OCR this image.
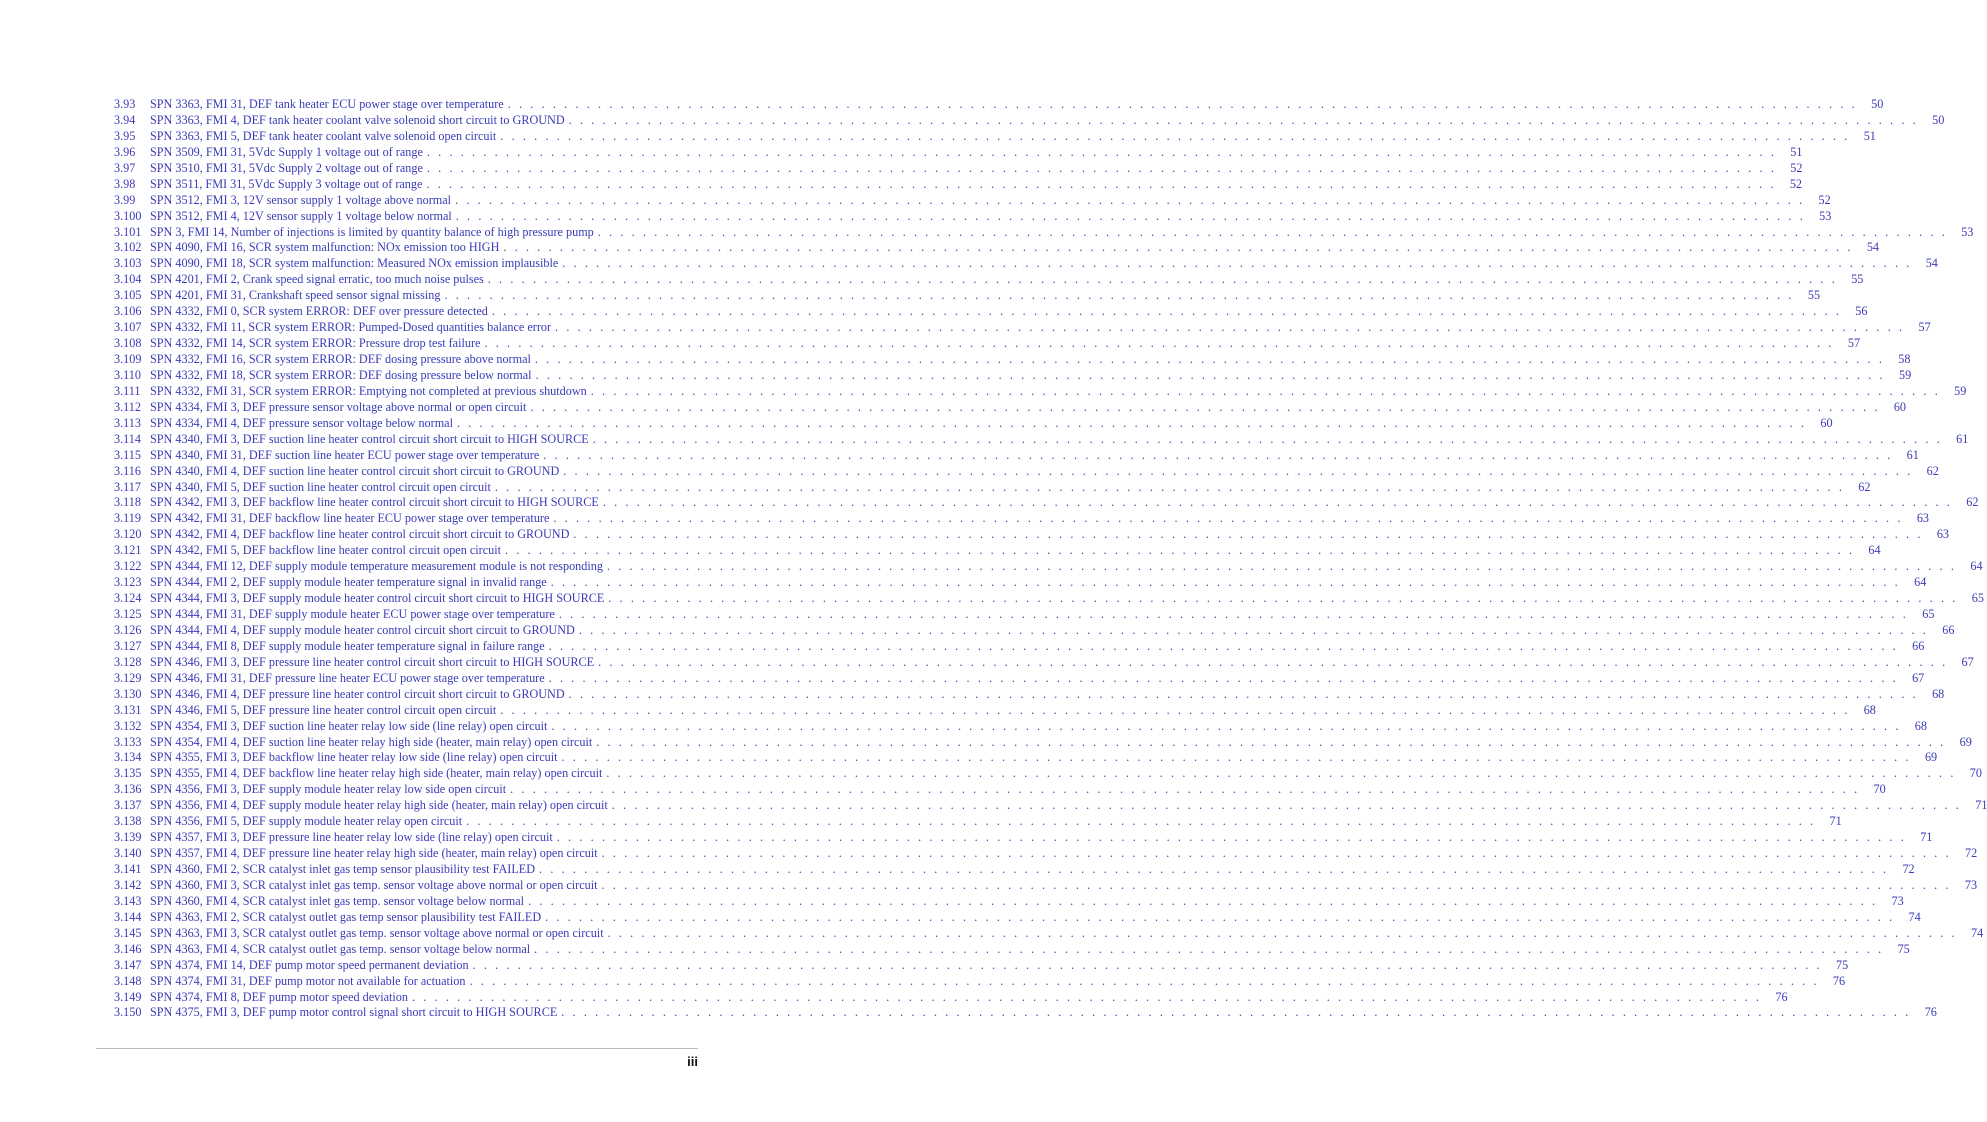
3.93	SPN 3363, FMI 31, DEF tank heater ECU power stage over temperature . . . . . . . . . . . . . . . . . . . . . . . . . . . . . . . . . . . . . . . . . . . . . . . . . . . . . . . . . . . . . . . . . . . . . . . . . . . . . . . . . . . . . . . . . . . . . . . . . . . . . . . . . . . . . . . . . . . . . . . .	50
3.94	SPN 3363, FMI 4, DEF tank heater coolant valve solenoid short circuit to GROUND . . . . . . . . . . . . . . . . . . . . . . . . . . . . . . . . . . . . . . . . . . . . . . . . . . . . . . . . . . . . . . . . . . . . . . . . . . . . . . . . . . . . . . . . . . . . . . . . . . . . . . . . . . . . . . . . . . . . . . . .	50
3.95	SPN 3363, FMI 5, DEF tank heater coolant valve solenoid open circuit . . . . . . . . . . . . . . . . . . . . . . . . . . . . . . . . . . . . . . . . . . . . . . . . . . . . . . . . . . . . . . . . . . . . . . . . . . . . . . . . . . . . . . . . . . . . . . . . . . . . . . . . . . . . . . . . . . . . . . . .	51
3.96	SPN 3509, FMI 31, 5Vdc Supply 1 voltage out of range . . . . . . . . . . . . . . . . . . . . . . . . . . . . . . . . . . . . . . . . . . . . . . . . . . . . . . . . . . . . . . . . . . . . . . . . . . . . . . . . . . . . . . . . . . . . . . . . . . . . . . . . . . . . . . . . . . . . . . . .	51
3.97	SPN 3510, FMI 31, 5Vdc Supply 2 voltage out of range . . . . . . . . . . . . . . . . . . . . . . . . . . . . . . . . . . . . . . . . . . . . . . . . . . . . . . . . . . . . . . . . . . . . . . . . . . . . . . . . . . . . . . . . . . . . . . . . . . . . . . . . . . . . . . . . . . . . . . . .	52
3.98	SPN 3511, FMI 31, 5Vdc Supply 3 voltage out of range . . . . . . . . . . . . . . . . . . . . . . . . . . . . . . . . . . . . . . . . . . . . . . . . . . . . . . . . . . . . . . . . . . . . . . . . . . . . . . . . . . . . . . . . . . . . . . . . . . . . . . . . . . . . . . . . . . . . . . . .	52
3.99	SPN 3512, FMI 3, 12V sensor supply 1 voltage above normal . . . . . . . . . . . . . . . . . . . . . . . . . . . . . . . . . . . . . . . . . . . . . . . . . . . . . . . . . . . . . . . . . . . . . . . . . . . . . . . . . . . . . . . . . . . . . . . . . . . . . . . . . . . . . . . . . . . . . . . .	52
3.100 SPN 3512, FMI 4, 12V sensor supply 1 voltage below normal . . . . . . . . . . . . . . . . . . . . . . . . . . . . . . . . . . . . . . . . . . . . . . . . . . . . . . . . . . . . . . . . . . . . . . . . . . . . . . . . . . . . . . . . . . . . . . . . . . . . . . . . . . . . . . . . . . . . . . . .	53
3.101 SPN 3, FMI 14, Number of injections is limited by quantity balance of high pressure pump . . . . . . . . . . . . . . . . . . . . . . . . . . . . . . . . . . . . . . . . . . . . . . . . . . . . . . . . . . . . . . . . . . . . . . . . . . . . . . . . . . . . . . . . . . . . . . . . . . . . . . . . . . . . . . . . . . . . . . . .	53
3.102 SPN 4090, FMI 16, SCR system malfunction: NOx emission too HIGH . . . . . . . . . . . . . . . . . . . . . . . . . . . . . . . . . . . . . . . . . . . . . . . . . . . . . . . . . . . . . . . . . . . . . . . . . . . . . . . . . . . . . . . . . . . . . . . . . . . . . . . . . . . . . . . . . . . . . . . .	54
3.103 SPN 4090, FMI 18, SCR system malfunction: Measured NOx emission implausible . . . . . . . . . . . . . . . . . . . . . . . . . . . . . . . . . . . . . . . . . . . . . . . . . . . . . . . . . . . . . . . . . . . . . . . . . . . . . . . . . . . . . . . . . . . . . . . . . . . . . . . . . . . . . . . . . . . . . . . .	54
3.104 SPN 4201, FMI 2, Crank speed signal erratic, too much noise pulses . . . . . . . . . . . . . . . . . . . . . . . . . . . . . . . . . . . . . . . . . . . . . . . . . . . . . . . . . . . . . . . . . . . . . . . . . . . . . . . . . . . . . . . . . . . . . . . . . . . . . . . . . . . . . . . . . . . . . . . .	55
3.105 SPN 4201, FMI 31, Crankshaft speed sensor signal missing . . . . . . . . . . . . . . . . . . . . . . . . . . . . . . . . . . . . . . . . . . . . . . . . . . . . . . . . . . . . . . . . . . . . . . . . . . . . . . . . . . . . . . . . . . . . . . . . . . . . . . . . . . . . . . . . . . . . . . . .	55
3.106 SPN 4332, FMI 0, SCR system ERROR: DEF over pressure detected . . . . . . . . . . . . . . . . . . . . . . . . . . . . . . . . . . . . . . . . . . . . . . . . . . . . . . . . . . . . . . . . . . . . . . . . . . . . . . . . . . . . . . . . . . . . . . . . . . . . . . . . . . . . . . . . . . . . . . . .	56
3.107 SPN 4332, FMI 11, SCR system ERROR: Pumped-Dosed quantities balance error . . . . . . . . . . . . . . . . . . . . . . . . . . . . . . . . . . . . . . . . . . . . . . . . . . . . . . . . . . . . . . . . . . . . . . . . . . . . . . . . . . . . . . . . . . . . . . . . . . . . . . . . . . . . . . . . . . . . . . . .	57
3.108 SPN 4332, FMI 14, SCR system ERROR: Pressure drop test failure . . . . . . . . . . . . . . . . . . . . . . . . . . . . . . . . . . . . . . . . . . . . . . . . . . . . . . . . . . . . . . . . . . . . . . . . . . . . . . . . . . . . . . . . . . . . . . . . . . . . . . . . . . . . . . . . . . . . . . . .	57
3.109 SPN 4332, FMI 16, SCR system ERROR: DEF dosing pressure above normal . . . . . . . . . . . . . . . . . . . . . . . . . . . . . . . . . . . . . . . . . . . . . . . . . . . . . . . . . . . . . . . . . . . . . . . . . . . . . . . . . . . . . . . . . . . . . . . . . . . . . . . . . . . . . . . . . . . . . . . .	58
3.110 SPN 4332, FMI 18, SCR system ERROR: DEF dosing pressure below normal . . . . . . . . . . . . . . . . . . . . . . . . . . . . . . . . . . . . . . . . . . . . . . . . . . . . . . . . . . . . . . . . . . . . . . . . . . . . . . . . . . . . . . . . . . . . . . . . . . . . . . . . . . . . . . . . . . . . . . . .	59
3.111 SPN 4332, FMI 31, SCR system ERROR: Emptying not completed at previous shutdown . . . . . . . . . . . . . . . . . . . . . . . . . . . . . . . . . . . . . . . . . . . . . . . . . . . . . . . . . . . . . . . . . . . . . . . . . . . . . . . . . . . . . . . . . . . . . . . . . . . . . . . . . . . . . . . . . . . . . . . .	59
3.112 SPN 4334, FMI 3, DEF pressure sensor voltage above normal or open circuit . . . . . . . . . . . . . . . . . . . . . . . . . . . . . . . . . . . . . . . . . . . . . . . . . . . . . . . . . . . . . . . . . . . . . . . . . . . . . . . . . . . . . . . . . . . . . . . . . . . . . . . . . . . . . . . . . . . . . . . .	60
3.113 SPN 4334, FMI 4, DEF pressure sensor voltage below normal . . . . . . . . . . . . . . . . . . . . . . . . . . . . . . . . . . . . . . . . . . . . . . . . . . . . . . . . . . . . . . . . . . . . . . . . . . . . . . . . . . . . . . . . . . . . . . . . . . . . . . . . . . . . . . . . . . . . . . . .	60
3.114 SPN 4340, FMI 3, DEF suction line heater control circuit short circuit to HIGH SOURCE . . . . . . . . . . . . . . . . . . . . . . . . . . . . . . . . . . . . . . . . . . . . . . . . . . . . . . . . . . . . . . . . . . . . . . . . . . . . . . . . . . . . . . . . . . . . . . . . . . . . . . . . . . . . . . . . . . . . . . . .	61
3.115 SPN 4340, FMI 31, DEF suction line heater ECU power stage over temperature . . . . . . . . . . . . . . . . . . . . . . . . . . . . . . . . . . . . . . . . . . . . . . . . . . . . . . . . . . . . . . . . . . . . . . . . . . . . . . . . . . . . . . . . . . . . . . . . . . . . . . . . . . . . . . . . . . . . . . . .	61
3.116 SPN 4340, FMI 4, DEF suction line heater control circuit short circuit to GROUND . . . . . . . . . . . . . . . . . . . . . . . . . . . . . . . . . . . . . . . . . . . . . . . . . . . . . . . . . . . . . . . . . . . . . . . . . . . . . . . . . . . . . . . . . . . . . . . . . . . . . . . . . . . . . . . . . . . . . . . .	62
3.117 SPN 4340, FMI 5, DEF suction line heater control circuit open circuit . . . . . . . . . . . . . . . . . . . . . . . . . . . . . . . . . . . . . . . . . . . . . . . . . . . . . . . . . . . . . . . . . . . . . . . . . . . . . . . . . . . . . . . . . . . . . . . . . . . . . . . . . . . . . . . . . . . . . . . .	62
3.118 SPN 4342, FMI 3, DEF backflow line heater control circuit short circuit to HIGH SOURCE . . . . . . . . . . . . . . . . . . . . . . . . . . . . . . . . . . . . . . . . . . . . . . . . . . . . . . . . . . . . . . . . . . . . . . . . . . . . . . . . . . . . . . . . . . . . . . . . . . . . . . . . . . . . . . . . . . . . . . . .	62
3.119 SPN 4342, FMI 31, DEF backflow line heater ECU power stage over temperature . . . . . . . . . . . . . . . . . . . . . . . . . . . . . . . . . . . . . . . . . . . . . . . . . . . . . . . . . . . . . . . . . . . . . . . . . . . . . . . . . . . . . . . . . . . . . . . . . . . . . . . . . . . . . . . . . . . . . . . .	63
3.120 SPN 4342, FMI 4, DEF backflow line heater control circuit short circuit to GROUND . . . . . . . . . . . . . . . . . . . . . . . . . . . . . . . . . . . . . . . . . . . . . . . . . . . . . . . . . . . . . . . . . . . . . . . . . . . . . . . . . . . . . . . . . . . . . . . . . . . . . . . . . . . . . . . . . . . . . . . .	63
3.121 SPN 4342, FMI 5, DEF backflow line heater control circuit open circuit . . . . . . . . . . . . . . . . . . . . . . . . . . . . . . . . . . . . . . . . . . . . . . . . . . . . . . . . . . . . . . . . . . . . . . . . . . . . . . . . . . . . . . . . . . . . . . . . . . . . . . . . . . . . . . . . . . . . . . . .	64
3.122 SPN 4344, FMI 12, DEF supply module temperature measurement module is not responding . . . . . . . . . . . . . . . . . . . . . . . . . . . . . . . . . . . . . . . . . . . . . . . . . . . . . . . . . . . . . . . . . . . . . . . . . . . . . . . . . . . . . . . . . . . . . . . . . . . . . . . . . . . . . . . . . . . . . . . .	64
3.123 SPN 4344, FMI 2, DEF supply module heater temperature signal in invalid range . . . . . . . . . . . . . . . . . . . . . . . . . . . . . . . . . . . . . . . . . . . . . . . . . . . . . . . . . . . . . . . . . . . . . . . . . . . . . . . . . . . . . . . . . . . . . . . . . . . . . . . . . . . . . . . . . . . . . . . .	64
3.124 SPN 4344, FMI 3, DEF supply module heater control circuit short circuit to HIGH SOURCE . . . . . . . . . . . . . . . . . . . . . . . . . . . . . . . . . . . . . . . . . . . . . . . . . . . . . . . . . . . . . . . . . . . . . . . . . . . . . . . . . . . . . . . . . . . . . . . . . . . . . . . . . . . . . . . . . . . . . . . .	65
3.125 SPN 4344, FMI 31, DEF supply module heater ECU power stage over temperature . . . . . . . . . . . . . . . . . . . . . . . . . . . . . . . . . . . . . . . . . . . . . . . . . . . . . . . . . . . . . . . . . . . . . . . . . . . . . . . . . . . . . . . . . . . . . . . . . . . . . . . . . . . . . . . . . . . . . . . .	65
3.126 SPN 4344, FMI 4, DEF supply module heater control circuit short circuit to GROUND . . . . . . . . . . . . . . . . . . . . . . . . . . . . . . . . . . . . . . . . . . . . . . . . . . . . . . . . . . . . . . . . . . . . . . . . . . . . . . . . . . . . . . . . . . . . . . . . . . . . . . . . . . . . . . . . . . . . . . . .	66
3.127 SPN 4344, FMI 8, DEF supply module heater temperature signal in failure range . . . . . . . . . . . . . . . . . . . . . . . . . . . . . . . . . . . . . . . . . . . . . . . . . . . . . . . . . . . . . . . . . . . . . . . . . . . . . . . . . . . . . . . . . . . . . . . . . . . . . . . . . . . . . . . . . . . . . . . .	66
3.128 SPN 4346, FMI 3, DEF pressure line heater control circuit short circuit to HIGH SOURCE . . . . . . . . . . . . . . . . . . . . . . . . . . . . . . . . . . . . . . . . . . . . . . . . . . . . . . . . . . . . . . . . . . . . . . . . . . . . . . . . . . . . . . . . . . . . . . . . . . . . . . . . . . . . . . . . . . . . . . . .	67
3.129 SPN 4346, FMI 31, DEF pressure line heater ECU power stage over temperature . . . . . . . . . . . . . . . . . . . . . . . . . . . . . . . . . . . . . . . . . . . . . . . . . . . . . . . . . . . . . . . . . . . . . . . . . . . . . . . . . . . . . . . . . . . . . . . . . . . . . . . . . . . . . . . . . . . . . . . .	67
3.130 SPN 4346, FMI 4, DEF pressure line heater control circuit short circuit to GROUND . . . . . . . . . . . . . . . . . . . . . . . . . . . . . . . . . . . . . . . . . . . . . . . . . . . . . . . . . . . . . . . . . . . . . . . . . . . . . . . . . . . . . . . . . . . . . . . . . . . . . . . . . . . . . . . . . . . . . . . .	68
3.131 SPN 4346, FMI 5, DEF pressure line heater control circuit open circuit . . . . . . . . . . . . . . . . . . . . . . . . . . . . . . . . . . . . . . . . . . . . . . . . . . . . . . . . . . . . . . . . . . . . . . . . . . . . . . . . . . . . . . . . . . . . . . . . . . . . . . . . . . . . . . . . . . . . . . . .	68
3.132 SPN 4354, FMI 3, DEF suction line heater relay low side (line relay) open circuit . . . . . . . . . . . . . . . . . . . . . . . . . . . . . . . . . . . . . . . . . . . . . . . . . . . . . . . . . . . . . . . . . . . . . . . . . . . . . . . . . . . . . . . . . . . . . . . . . . . . . . . . . . . . . . . . . . . . . . . .	68
3.133 SPN 4354, FMI 4, DEF suction line heater relay high side (heater, main relay) open circuit . . . . . . . . . . . . . . . . . . . . . . . . . . . . . . . . . . . . . . . . . . . . . . . . . . . . . . . . . . . . . . . . . . . . . . . . . . . . . . . . . . . . . . . . . . . . . . . . . . . . . . . . . . . . . . . . . . . . . . . .	69
3.134 SPN 4355, FMI 3, DEF backflow line heater relay low side (line relay) open circuit . . . . . . . . . . . . . . . . . . . . . . . . . . . . . . . . . . . . . . . . . . . . . . . . . . . . . . . . . . . . . . . . . . . . . . . . . . . . . . . . . . . . . . . . . . . . . . . . . . . . . . . . . . . . . . . . . . . . . . . .	69
3.135 SPN 4355, FMI 4, DEF backflow line heater relay high side (heater, main relay) open circuit . . . . . . . . . . . . . . . . . . . . . . . . . . . . . . . . . . . . . . . . . . . . . . . . . . . . . . . . . . . . . . . . . . . . . . . . . . . . . . . . . . . . . . . . . . . . . . . . . . . . . . . . . . . . . . . . . . . . . . . .	70
3.136 SPN 4356, FMI 3, DEF supply module heater relay low side open circuit . . . . . . . . . . . . . . . . . . . . . . . . . . . . . . . . . . . . . . . . . . . . . . . . . . . . . . . . . . . . . . . . . . . . . . . . . . . . . . . . . . . . . . . . . . . . . . . . . . . . . . . . . . . . . . . . . . . . . . . .	70
3.137 SPN 4356, FMI 4, DEF supply module heater relay high side (heater, main relay) open circuit . . . . . . . . . . . . . . . . . . . . . . . . . . . . . . . . . . . . . . . . . . . . . . . . . . . . . . . . . . . . . . . . . . . . . . . . . . . . . . . . . . . . . . . . . . . . . . . . . . . . . . . . . . . . . . . . . . . . . . . .	71
3.138 SPN 4356, FMI 5, DEF supply module heater relay open circuit . . . . . . . . . . . . . . . . . . . . . . . . . . . . . . . . . . . . . . . . . . . . . . . . . . . . . . . . . . . . . . . . . . . . . . . . . . . . . . . . . . . . . . . . . . . . . . . . . . . . . . . . . . . . . . . . . . . . . . . .	71
3.139 SPN 4357, FMI 3, DEF pressure line heater relay low side (line relay) open circuit . . . . . . . . . . . . . . . . . . . . . . . . . . . . . . . . . . . . . . . . . . . . . . . . . . . . . . . . . . . . . . . . . . . . . . . . . . . . . . . . . . . . . . . . . . . . . . . . . . . . . . . . . . . . . . . . . . . . . . . .	71
3.140 SPN 4357, FMI 4, DEF pressure line heater relay high side (heater, main relay) open circuit . . . . . . . . . . . . . . . . . . . . . . . . . . . . . . . . . . . . . . . . . . . . . . . . . . . . . . . . . . . . . . . . . . . . . . . . . . . . . . . . . . . . . . . . . . . . . . . . . . . . . . . . . . . . . . . . . . . . . . . .	72
3.141 SPN 4360, FMI 2, SCR catalyst inlet gas temp sensor plausibility test FAILED . . . . . . . . . . . . . . . . . . . . . . . . . . . . . . . . . . . . . . . . . . . . . . . . . . . . . . . . . . . . . . . . . . . . . . . . . . . . . . . . . . . . . . . . . . . . . . . . . . . . . . . . . . . . . . . . . . . . . . . .	72
3.142 SPN 4360, FMI 3, SCR catalyst inlet gas temp. sensor voltage above normal or open circuit . . . . . . . . . . . . . . . . . . . . . . . . . . . . . . . . . . . . . . . . . . . . . . . . . . . . . . . . . . . . . . . . . . . . . . . . . . . . . . . . . . . . . . . . . . . . . . . . . . . . . . . . . . . . . . . . . . . . . . . .	73
3.143 SPN 4360, FMI 4, SCR catalyst inlet gas temp. sensor voltage below normal . . . . . . . . . . . . . . . . . . . . . . . . . . . . . . . . . . . . . . . . . . . . . . . . . . . . . . . . . . . . . . . . . . . . . . . . . . . . . . . . . . . . . . . . . . . . . . . . . . . . . . . . . . . . . . . . . . . . . . . .	73
3.144 SPN 4363, FMI 2, SCR catalyst outlet gas temp sensor plausibility test FAILED . . . . . . . . . . . . . . . . . . . . . . . . . . . . . . . . . . . . . . . . . . . . . . . . . . . . . . . . . . . . . . . . . . . . . . . . . . . . . . . . . . . . . . . . . . . . . . . . . . . . . . . . . . . . . . . . . . . . . . . .	74
3.145 SPN 4363, FMI 3, SCR catalyst outlet gas temp. sensor voltage above normal or open circuit . . . . . . . . . . . . . . . . . . . . . . . . . . . . . . . . . . . . . . . . . . . . . . . . . . . . . . . . . . . . . . . . . . . . . . . . . . . . . . . . . . . . . . . . . . . . . . . . . . . . . . . . . . . . . . . . . . . . . . . .	74
3.146 SPN 4363, FMI 4, SCR catalyst outlet gas temp. sensor voltage below normal . . . . . . . . . . . . . . . . . . . . . . . . . . . . . . . . . . . . . . . . . . . . . . . . . . . . . . . . . . . . . . . . . . . . . . . . . . . . . . . . . . . . . . . . . . . . . . . . . . . . . . . . . . . . . . . . . . . . . . . .	75
3.147 SPN 4374, FMI 14, DEF pump motor speed permanent deviation . . . . . . . . . . . . . . . . . . . . . . . . . . . . . . . . . . . . . . . . . . . . . . . . . . . . . . . . . . . . . . . . . . . . . . . . . . . . . . . . . . . . . . . . . . . . . . . . . . . . . . . . . . . . . . . . . . . . . . . .	75
3.148 SPN 4374, FMI 31, DEF pump motor not available for actuation . . . . . . . . . . . . . . . . . . . . . . . . . . . . . . . . . . . . . . . . . . . . . . . . . . . . . . . . . . . . . . . . . . . . . . . . . . . . . . . . . . . . . . . . . . . . . . . . . . . . . . . . . . . . . . . . . . . . . . . .	76
3.149 SPN 4374, FMI 8, DEF pump motor speed deviation . . . . . . . . . . . . . . . . . . . . . . . . . . . . . . . . . . . . . . . . . . . . . . . . . . . . . . . . . . . . . . . . . . . . . . . . . . . . . . . . . . . . . . . . . . . . . . . . . . . . . . . . . . . . . . . . . . . . . . . .	76
3.150 SPN 4375, FMI 3, DEF pump motor control signal short circuit to HIGH SOURCE . . . . . . . . . . . . . . . . . . . . . . . . . . . . . . . . . . . . . . . . . . . . . . . . . . . . . . . . . . . . . . . . . . . . . . . . . . . . . . . . . . . . . . . . . . . . . . . . . . . . . . . . . . . . . . . . . . . . . . . .	76
iii
